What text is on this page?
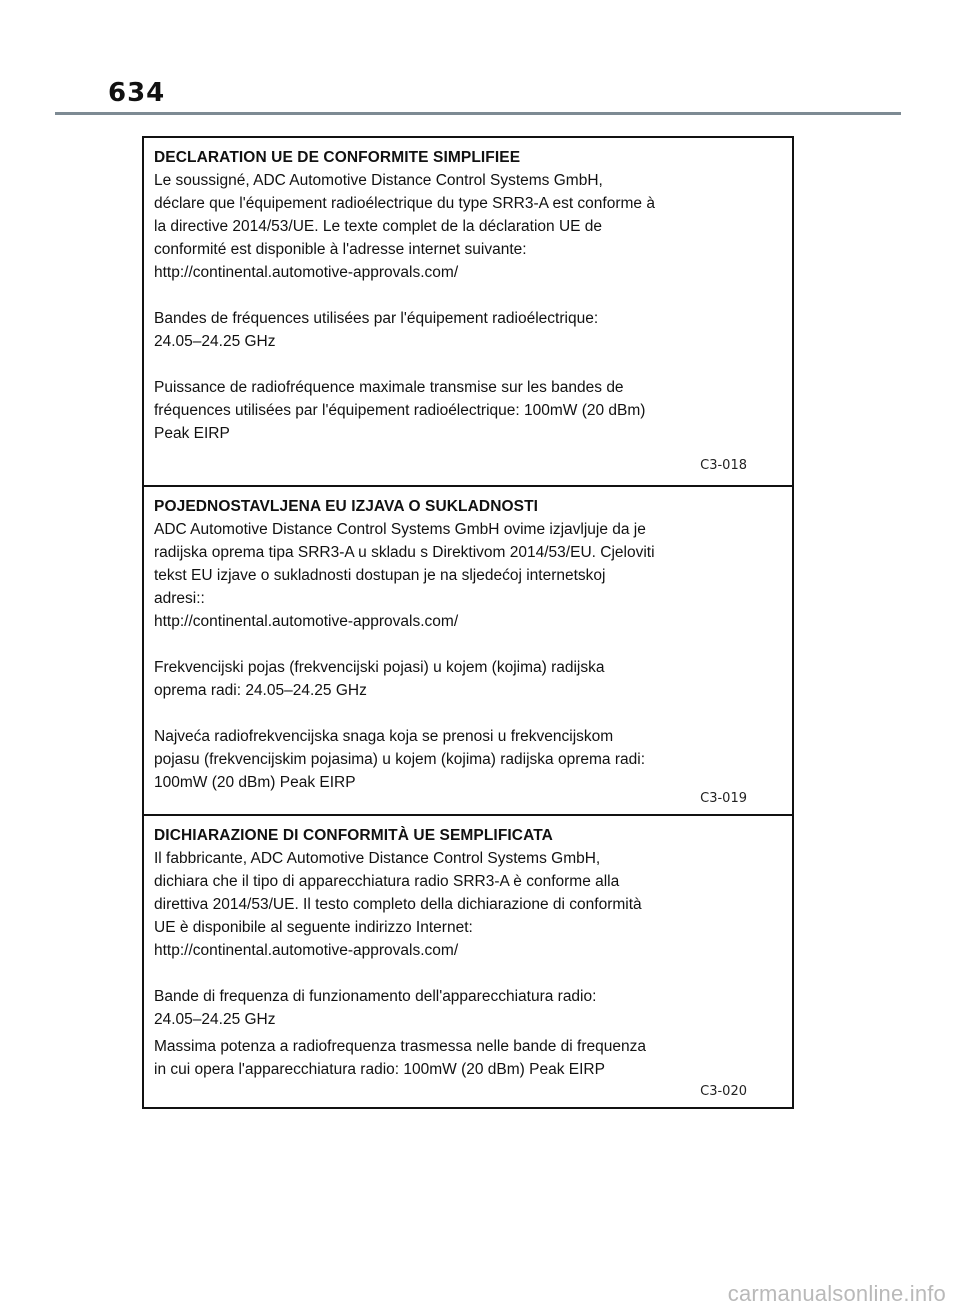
634

DECLARATION UE DE CONFORMITE SIMPLIFIEE

Le soussigné, ADC Automotive Distance Control Systems GmbH,
déclare que l'équipement radioélectrique du type SRR3-A est conforme à
la directive 2014/53/UE. Le texte complet de la déclaration UE de
conformité est disponible à l'adresse internet suivante:
http://continental.automotive-approvals.com/

Bandes de fréquences utilisées par l'équipement radioélectrique:
24.05–24.25 GHz

Puissance de radiofréquence maximale transmise sur les bandes de
fréquences utilisées par l'équipement radioélectrique: 100mW (20 dBm)
Peak EIRP

C3-018

POJEDNOSTAVLJENA EU IZJAVA O SUKLADNOSTI

ADC Automotive Distance Control Systems GmbH ovime izjavljuje da je
radijska oprema tipa SRR3-A u skladu s Direktivom 2014/53/EU. Cjeloviti
tekst EU izjave o sukladnosti dostupan je na sljedećoj internetskoj
adresi::
http://continental.automotive-approvals.com/

Frekvencijski pojas (frekvencijski pojasi) u kojem (kojima) radijska
oprema radi: 24.05–24.25 GHz

Najveća radiofrekvencijska snaga koja se prenosi u frekvencijskom
pojasu (frekvencijskim pojasima) u kojem (kojima) radijska oprema radi:
100mW (20 dBm) Peak EIRP

C3-019

DICHIARAZIONE DI CONFORMITÀ UE SEMPLIFICATA

Il fabbricante, ADC Automotive Distance Control Systems GmbH,
dichiara che il tipo di apparecchiatura radio SRR3-A è conforme alla
direttiva 2014/53/UE. Il testo completo della dichiarazione di conformità
UE è disponibile al seguente indirizzo Internet:
http://continental.automotive-approvals.com/

Bande di frequenza di funzionamento dell'apparecchiatura radio:
24.05–24.25 GHz

Massima potenza a radiofrequenza trasmessa nelle bande di frequenza
in cui opera l'apparecchiatura radio: 100mW (20 dBm) Peak EIRP

C3-020
carmanualsonline.info
